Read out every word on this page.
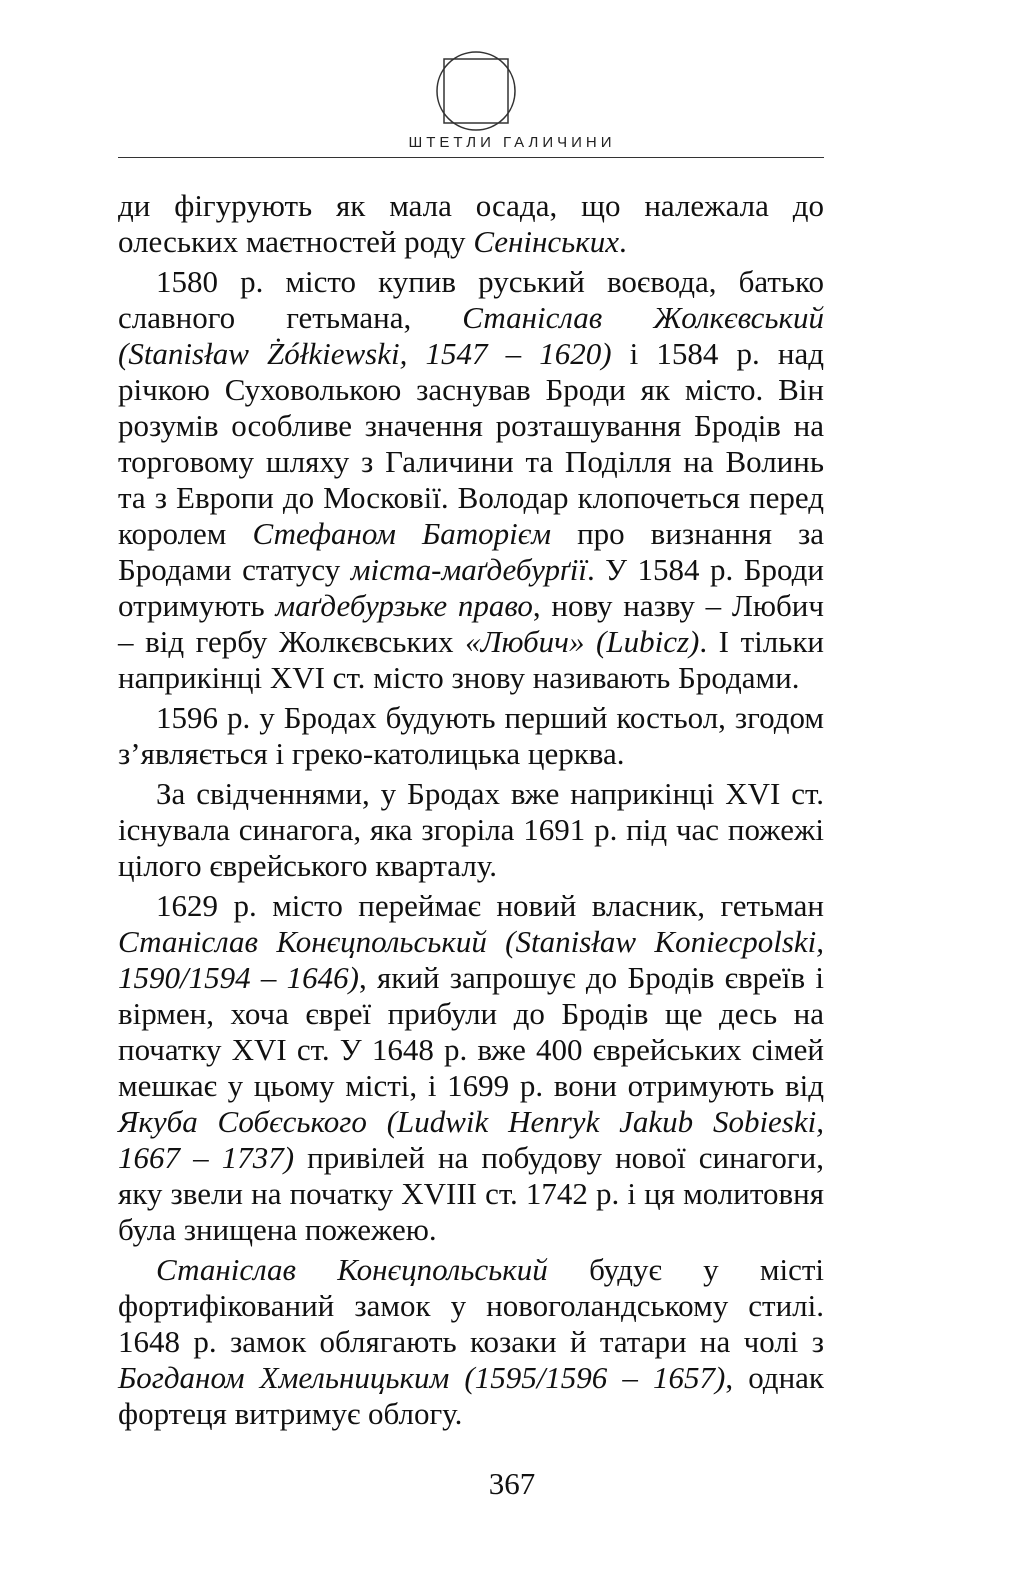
ШТЕТЛИ ГАЛИЧИНИ

ди фігурують як мала осада, що належала до олеських маєтностей роду Сенінських.

1580 р. місто купив руський воєвода, батько славного гетьмана, Станіслав Жолкєвський (Stanisław Żółkiewski, 1547 – 1620) і 1584 р. над річкою Суховолькою заснував Броди як місто. Він розумів особливе значення розташування Бродів на торговому шляху з Галичини та Поділля на Волинь та з Европи до Московії. Володар клопочеться перед королем Стефаном Баторієм про визнання за Бродами статусу міста-маґдебурґії. У 1584 р. Броди отримують маґдебурзьке право, нову назву – Любич – від гербу Жолкєвських «Любич» (Lubicz). І тільки наприкінці XVI ст. місто знову називають Бродами.

1596 р. у Бродах будують перший костьол, згодом з’являється і греко-католицька церква.

За свідченнями, у Бродах вже наприкінці XVI ст. існувала синагога, яка згоріла 1691 р. під час пожежі цілого єврейського кварталу.

1629 р. місто переймає новий власник, гетьман Станіслав Конєцпольський (Stanisław Koniecpolski, 1590/1594 – 1646), який запрошує до Бродів євреїв і вірмен, хоча євреї прибули до Бродів ще десь на початку XVI ст. У 1648 р. вже 400 єврейських сімей мешкає у цьому місті, і 1699 р. вони отримують від Якуба Собєського (Ludwik Henryk Jakub Sobieski, 1667 – 1737) привілей на побудову нової синагоги, яку звели на початку XVIII ст. 1742 р. і ця молитовня була знищена пожежею.

Станіслав Конєцпольський будує у місті фортифікований замок у новоголандському стилі. 1648 р. замок облягають козаки й татари на чолі з Богданом Хмельницьким (1595/1596 – 1657), однак фортеця витримує облогу.

367
